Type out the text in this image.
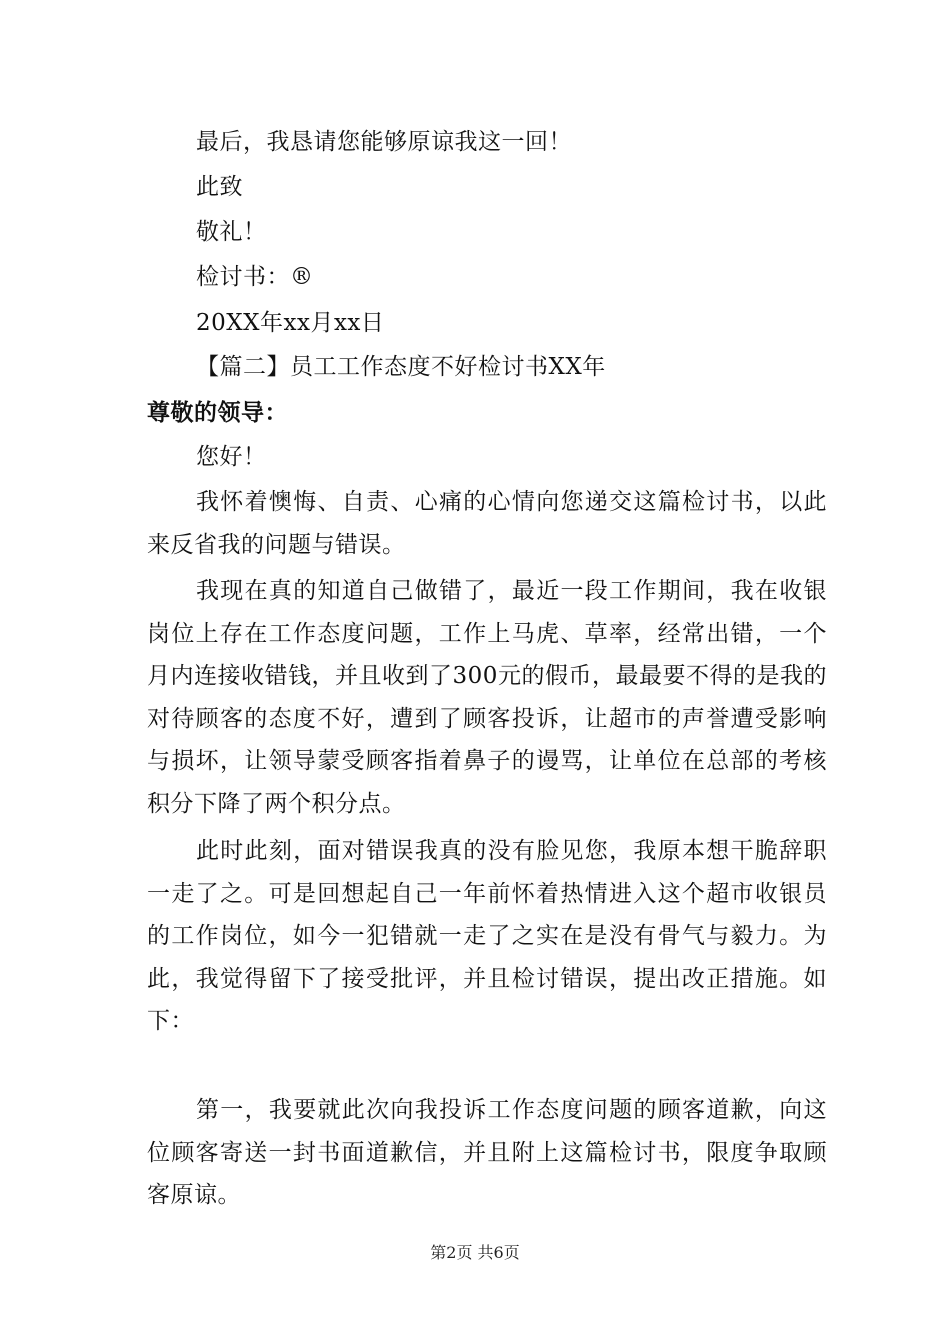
最后，我恳请您能够原谅我这一回！
此致
敬礼！
检讨书：®
20XX年xx月xx日
【篇二】员工工作态度不好检讨书XX年
尊敬的领导：
您好！
我怀着懊悔、自责、心痛的心情向您递交这篇检讨书，以此来反省我的问题与错误。
我现在真的知道自己做错了，最近一段工作期间，我在收银岗位上存在工作态度问题，工作上马虎、草率，经常出错，一个月内连接收错钱，并且收到了300元的假币，最最要不得的是我的对待顾客的态度不好，遭到了顾客投诉，让超市的声誉遭受影响与损坏，让领导蒙受顾客指着鼻子的谩骂，让单位在总部的考核积分下降了两个积分点。
此时此刻，面对错误我真的没有脸见您，我原本想干脆辞职一走了之。可是回想起自己一年前怀着热情进入这个超市收银员的工作岗位，如今一犯错就一走了之实在是没有骨气与毅力。为此，我觉得留下了接受批评，并且检讨错误，提出改正措施。如下：
第一，我要就此次向我投诉工作态度问题的顾客道歉，向这位顾客寄送一封书面道歉信，并且附上这篇检讨书，限度争取顾客原谅。
第2页 共6页
